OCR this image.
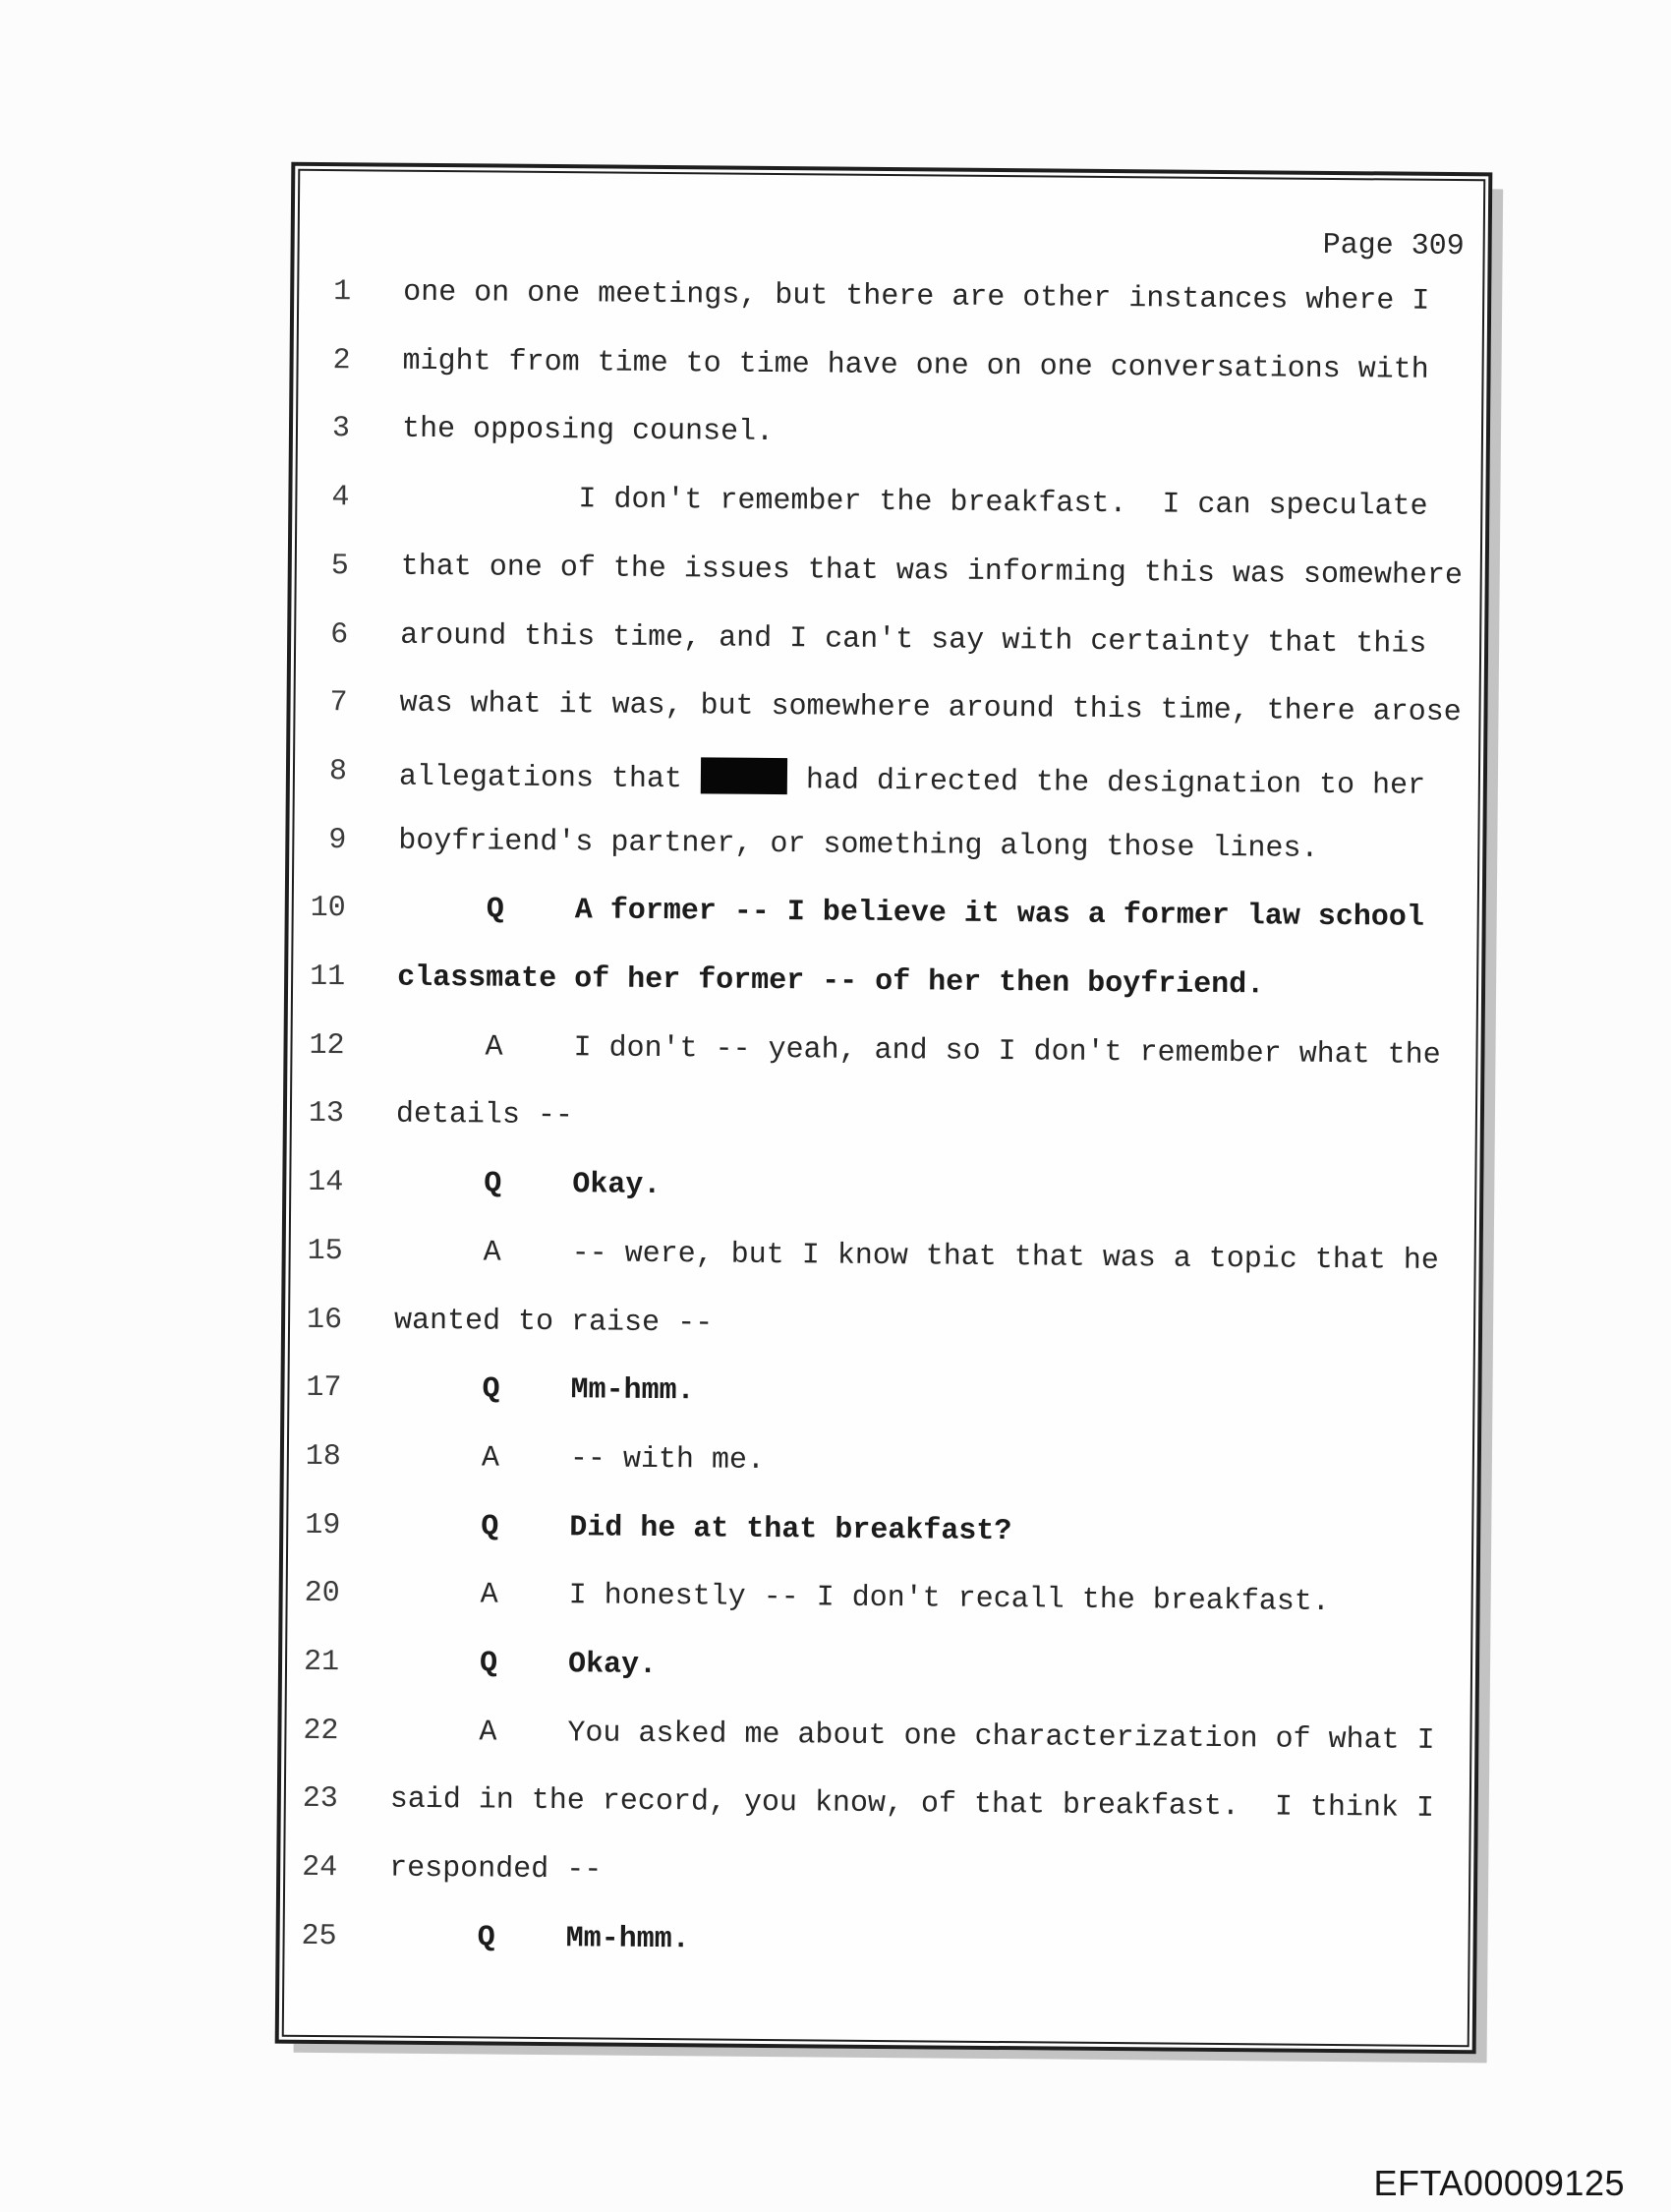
Page 309
1 one on one meetings, but there are other instances where I
2 might from time to time have one on one conversations with
3 the opposing counsel.
4 I don't remember the breakfast.  I can speculate
5 that one of the issues that was informing this was somewhere
6 around this time, and I can't say with certainty that this
7 was what it was, but somewhere around this time, there arose
8 allegations that	had directed the designation to her
9 boyfriend's partner, or something along those lines.
10 Q    A former -- I believe it was a former law school
11 classmate of her former -- of her then boyfriend.
12 A    I don't -- yeah, and so I don't remember what the
13 details --
14 Q    Okay.
15 A    -- were, but I know that that was a topic that he
16 wanted to raise --
17 Q    Mm-hmm.
18 A    -- with me.
19 Q    Did he at that breakfast?
20 A    I honestly -- I don't recall the breakfast.
21 Q    Okay.
22 A    You asked me about one characterization of what I
23 said in the record, you know, of that breakfast.  I think I
24 responded --
25 Q    Mm-hmm.
EFTA00009125
